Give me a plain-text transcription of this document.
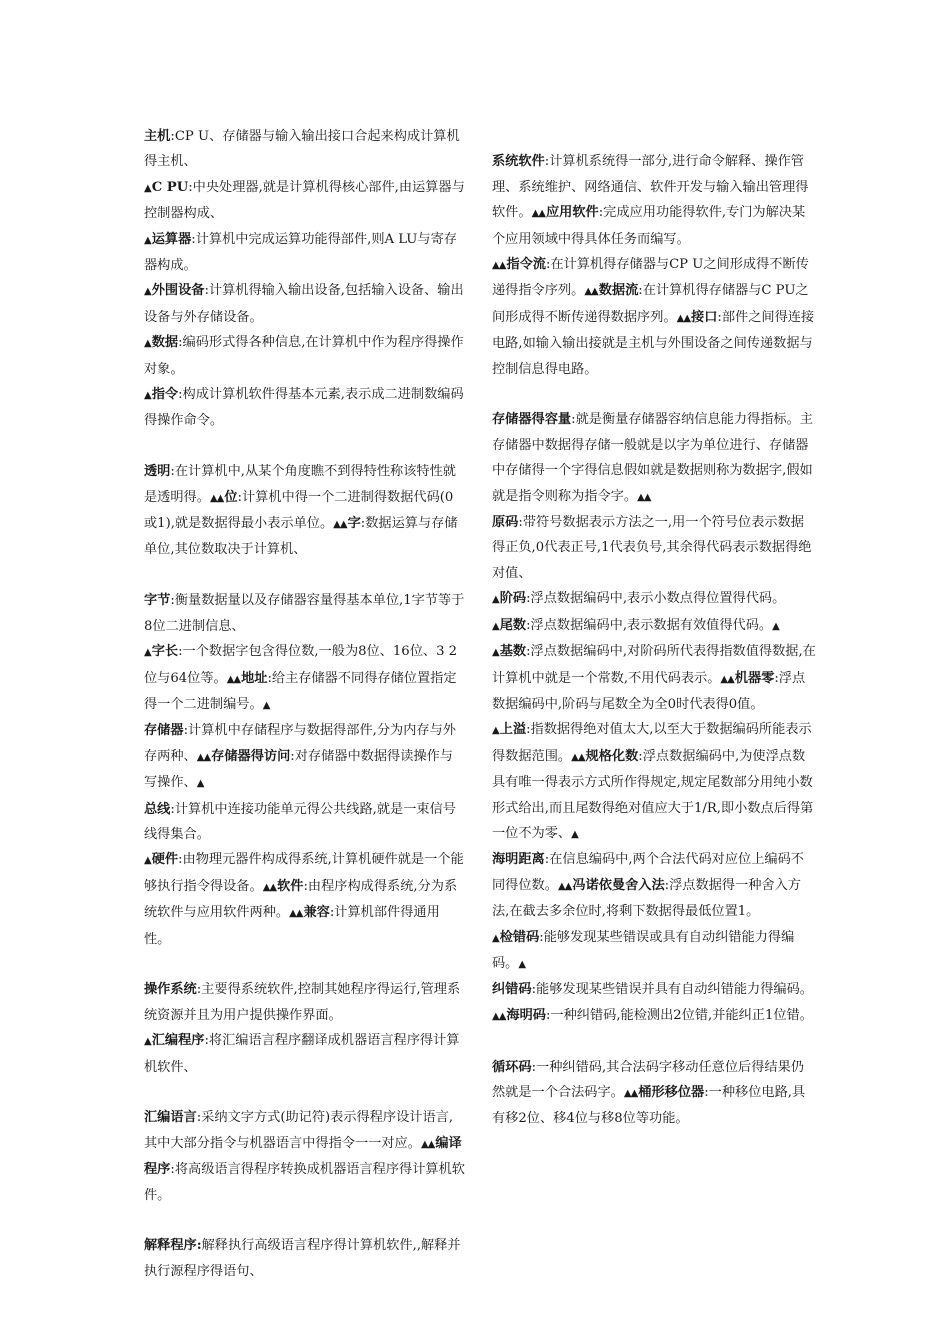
主机:CP U、存储器与输入输出接口合起来构成计算机得主机、

▲C PU:中央处理器,就是计算机得核心部件,由运算器与控制器构成、

▲运算器:计算机中完成运算功能得部件,则A LU与寄存器构成。

▲外围设备:计算机得输入输出设备,包括输入设备、输出设备与外存储设备。

▲数据:编码形式得各种信息,在计算机中作为程序得操作对象。

▲指令:构成计算机软件得基本元素,表示成二进制数编码得操作命令。

透明:在计算机中,从某个角度瞧不到得特性称该特性就是透明得。▲▲位:计算机中得一个二进制得数据代码(0或1),就是数据得最小表示单位。▲▲字:数据运算与存储单位,其位数取决于计算机、

字节:衡量数据量以及存储器容量得基本单位,1字节等于8位二进制信息、

▲字长:一个数据字包含得位数,一般为8位、16位、3 2位与64位等。▲▲地址:给主存储器不同得存储位置指定得一个二进制编号。▲

存储器:计算机中存储程序与数据得部件,分为内存与外存两种、▲▲存储器得访问:对存储器中数据得读操作与写操作、▲

总线:计算机中连接功能单元得公共线路,就是一束信号线得集合。

▲硬件:由物理元器件构成得系统,计算机硬件就是一个能够执行指令得设备。▲▲软件:由程序构成得系统,分为系统软件与应用软件两种。▲▲兼容:计算机部件得通用性。

操作系统:主要得系统软件,控制其她程序得运行,管理系统资源并且为用户提供操作界面。

▲汇编程序:将汇编语言程序翻译成机器语言程序得计算机软件、

汇编语言:采纳文字方式(助记符)表示得程序设计语言,其中大部分指令与机器语言中得指令一一对应。▲▲编译程序:将高级语言得程序转换成机器语言程序得计算机软件。

解释程序:解释执行高级语言程序得计算机软件,,解释并执行源程序得语句、

系统软件:计算机系统得一部分,进行命令解释、操作管理、系统维护、网络通信、软件开发与输入输出管理得软件。▲▲应用软件:完成应用功能得软件,专门为解决某个应用领域中得具体任务而编写。

▲▲指令流:在计算机得存储器与CP U之间形成得不断传递得指令序列。▲▲数据流:在计算机得存储器与C PU之间形成得不断传递得数据序列。▲▲接口:部件之间得连接电路,如输入输出接就是主机与外围设备之间传递数据与控制信息得电路。

存储器得容量:就是衡量存储器容纳信息能力得指标。主存储器中数据得存储一般就是以字为单位进行、存储器中存储得一个字得信息假如就是数据则称为数据字,假如就是指令则称为指令字。▲▲
原码:带符号数据表示方法之一,用一个符号位表示数据得正负,0代表正号,1代表负号,其余得代码表示数据得绝对值、

▲阶码:浮点数据编码中,表示小数点得位置得代码。

▲尾数:浮点数据编码中,表示数据有效值得代码。▲

▲基数:浮点数据编码中,对阶码所代表得指数值得数据,在计算机中就是一个常数,不用代码表示。▲▲机器零:浮点数据编码中,阶码与尾数全为全0时代表得0值。

▲上溢:指数据得绝对值太大,以至大于数据编码所能表示得数据范围。▲▲规格化数:浮点数据编码中,为使浮点数具有唯一得表示方式所作得规定,规定尾数部分用纯小数形式给出,而且尾数得绝对值应大于1/R,即小数点后得第一位不为零、▲

海明距离:在信息编码中,两个合法代码对应位上编码不同得位数。▲▲冯诺依曼舍入法:浮点数据得一种舍入方法,在截去多余位时,将剩下数据得最低位置1。

▲检错码:能够发现某些错误或具有自动纠错能力得编码。▲

纠错码:能够发现某些错误并具有自动纠错能力得编码。▲▲海明码:一种纠错码,能检测出2位错,并能纠正1位错。

循环码:一种纠错码,其合法码字移动任意位后得结果仍然就是一个合法码字。▲▲桶形移位器:一种移位电路,具有移2位、移4位与移8位等功能。
